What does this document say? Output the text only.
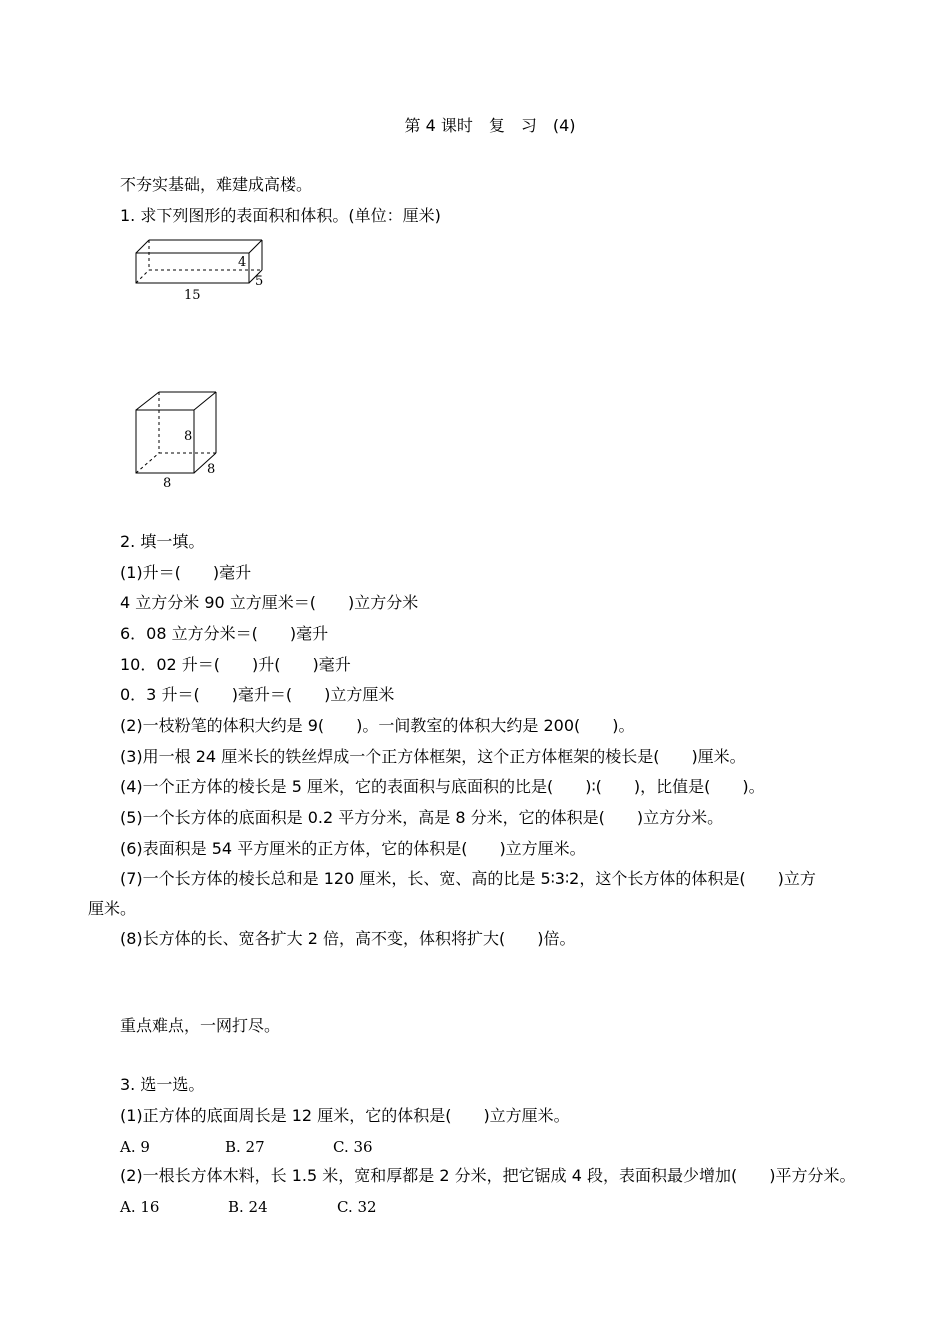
第 4 课时　复　习　(4)
不夯实基础，难建成高楼。
1. 求下列图形的表面积和体积。(单位：厘米)
4
5
15
8
8
8
2. 填一填。
(1)升＝(　　)毫升
4 立方分米 90 立方厘米＝(　　)立方分米
6．08 立方分米＝(　　)毫升
10．02 升＝(　　)升(　　)毫升
0．3 升＝(　　)毫升＝(　　)立方厘米
(2)一枝粉笔的体积大约是 9(　　)。一间教室的体积大约是 200(　　)。
(3)用一根 24 厘米长的铁丝焊成一个正方体框架，这个正方体框架的棱长是(　　)厘米。
(4)一个正方体的棱长是 5 厘米，它的表面积与底面积的比是(　　)∶(　　)，比值是(　　)。
(5)一个长方体的底面积是 0.2 平方分米，高是 8 分米，它的体积是(　　)立方分米。
(6)表面积是 54 平方厘米的正方体，它的体积是(　　)立方厘米。
(7)一个长方体的棱长总和是 120 厘米，长、宽、高的比是 5∶3∶2，这个长方体的体积是(　　)立方
厘米。
(8)长方体的长、宽各扩大 2 倍，高不变，体积将扩大(　　)倍。
重点难点，一网打尽。
3. 选一选。
(1)正方体的底面周长是 12 厘米，它的体积是(　　)立方厘米。
A. 9	B. 27	C. 36
(2)一根长方体木料，长 1.5 米，宽和厚都是 2 分米，把它锯成 4 段，表面积最少增加(　　)平方分米。
A. 16	B. 24	C. 32
